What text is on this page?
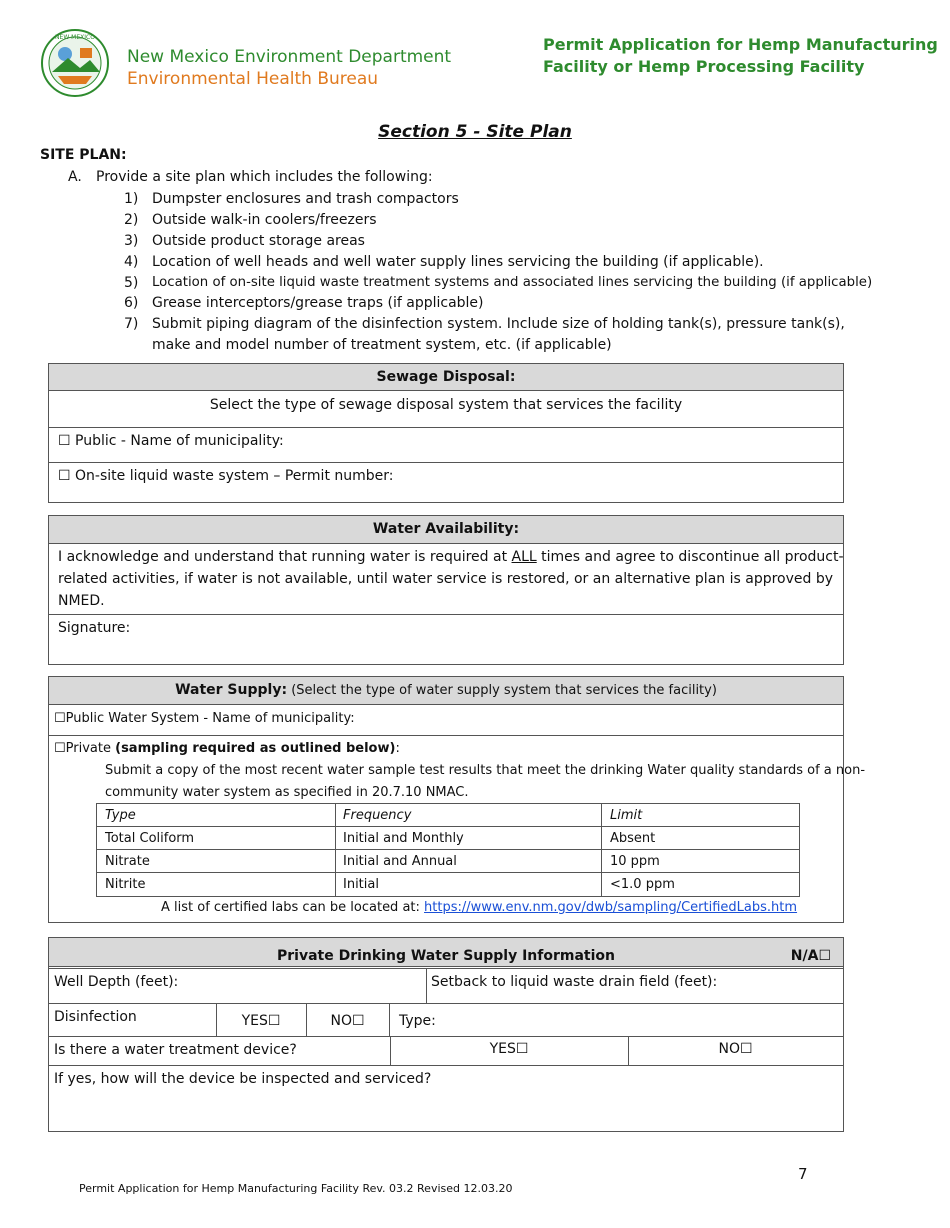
NEW MEXICO
New Mexico Environment Department
Environmental Health Bureau
Permit Application for Hemp Manufacturing
Facility or Hemp Processing Facility
Section 5 - Site Plan
SITE PLAN:
A. Provide a site plan which includes the following:
1) Dumpster enclosures and trash compactors
2) Outside walk-in coolers/freezers
3) Outside product storage areas
4) Location of well heads and well water supply lines servicing the building (if applicable).
5) Location of on-site liquid waste treatment systems and associated lines servicing the building (if applicable)
6) Grease interceptors/grease traps (if applicable)
7) Submit piping diagram of the disinfection system. Include size of holding tank(s), pressure tank(s),
make and model number of treatment system, etc. (if applicable)
Sewage Disposal:
Select the type of sewage disposal system that services the facility
☐ Public - Name of municipality:
☐ On-site liquid waste system – Permit number:
Water Availability:
I acknowledge and understand that running water is required at ALL times and agree to discontinue all product-
related activities, if water is not available, until water service is restored, or an alternative plan is approved by
NMED.
Signature:
Water Supply: (Select the type of water supply system that services the facility)
☐Public Water System - Name of municipality:
☐Private (sampling required as outlined below):
Submit a copy of the most recent water sample test results that meet the drinking Water quality standards of a non-
community water system as specified in 20.7.10 NMAC.
Type	Frequency	Limit
Total Coliform	Initial and Monthly	Absent
Nitrate	Initial and Annual	10 ppm
Nitrite	Initial	<1.0 ppm
A list of certified labs can be located at: https://www.env.nm.gov/dwb/sampling/CertifiedLabs.htm
Private Drinking Water Supply Information	N/A☐
Well Depth (feet):	Setback to liquid waste drain field (feet):
Disinfection	YES☐	NO☐	Type:
Is there a water treatment device?	YES☐	NO☐
If yes, how will the device be inspected and serviced?
7
Permit Application for Hemp Manufacturing Facility Rev. 03.2 Revised 12.03.20
